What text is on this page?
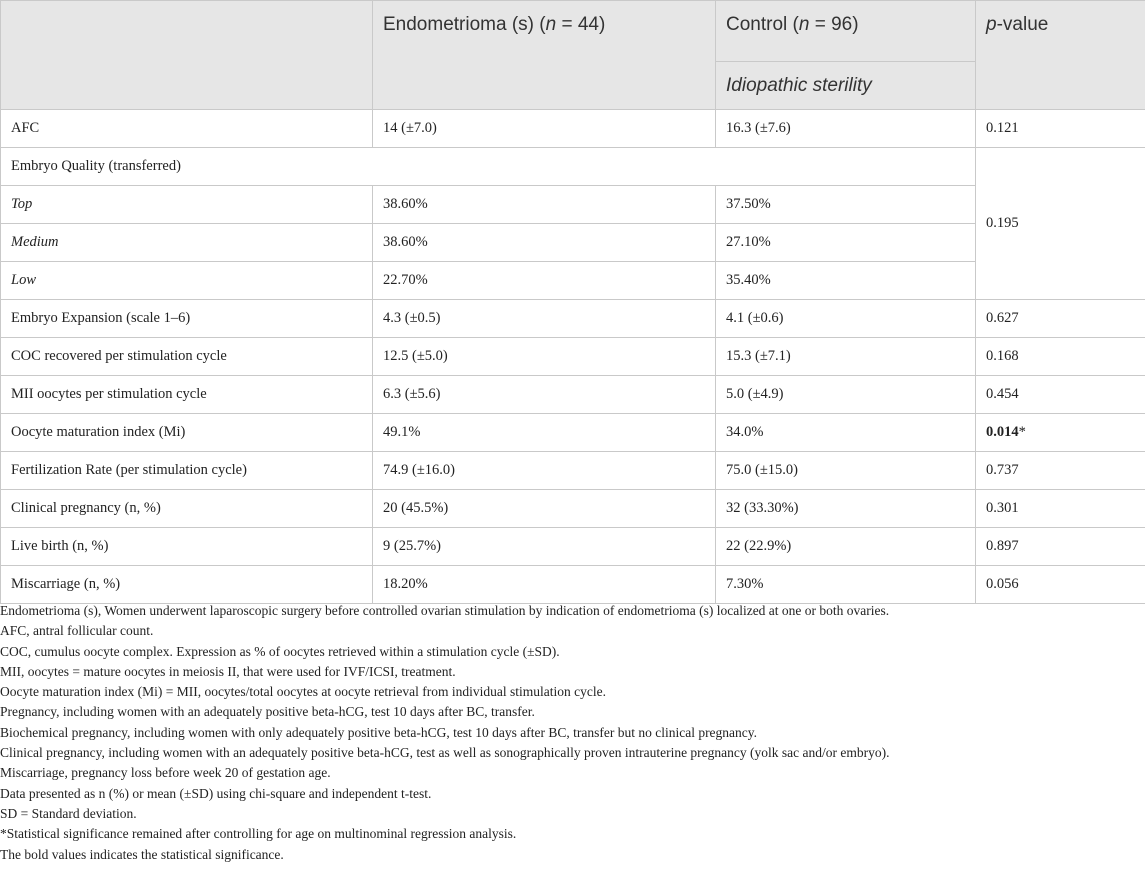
	Endometrioma (s) (n = 44)	Control (n = 96)	p-value
		Idiopathic sterility	
AFC	14 (±7.0)	16.3 (±7.6)	0.121
Embryo Quality (transferred)			0.195
Top	38.60%	37.50%	
Medium	38.60%	27.10%	
Low	22.70%	35.40%	
Embryo Expansion (scale 1–6)	4.3 (±0.5)	4.1 (±0.6)	0.627
COC recovered per stimulation cycle	12.5 (±5.0)	15.3 (±7.1)	0.168
MII oocytes per stimulation cycle	6.3 (±5.6)	5.0 (±4.9)	0.454
Oocyte maturation index (Mi)	49.1%	34.0%	0.014*
Fertilization Rate (per stimulation cycle)	74.9 (±16.0)	75.0 (±15.0)	0.737
Clinical pregnancy (n, %)	20 (45.5%)	32 (33.30%)	0.301
Live birth (n, %)	9 (25.7%)	22 (22.9%)	0.897
Miscarriage (n, %)	18.20%	7.30%	0.056
Endometrioma (s), Women underwent laparoscopic surgery before controlled ovarian stimulation by indication of endometrioma (s) localized at one or both ovaries.
AFC, antral follicular count.
COC, cumulus oocyte complex. Expression as % of oocytes retrieved within a stimulation cycle (±SD).
MII, oocytes = mature oocytes in meiosis II, that were used for IVF/ICSI, treatment.
Oocyte maturation index (Mi) = MII, oocytes/total oocytes at oocyte retrieval from individual stimulation cycle.
Pregnancy, including women with an adequately positive beta-hCG, test 10 days after BC, transfer.
Biochemical pregnancy, including women with only adequately positive beta-hCG, test 10 days after BC, transfer but no clinical pregnancy.
Clinical pregnancy, including women with an adequately positive beta-hCG, test as well as sonographically proven intrauterine pregnancy (yolk sac and/or embryo).
Miscarriage, pregnancy loss before week 20 of gestation age.
Data presented as n (%) or mean (±SD) using chi-square and independent t-test.
SD = Standard deviation.
*Statistical significance remained after controlling for age on multinominal regression analysis.
The bold values indicates the statistical significance.
